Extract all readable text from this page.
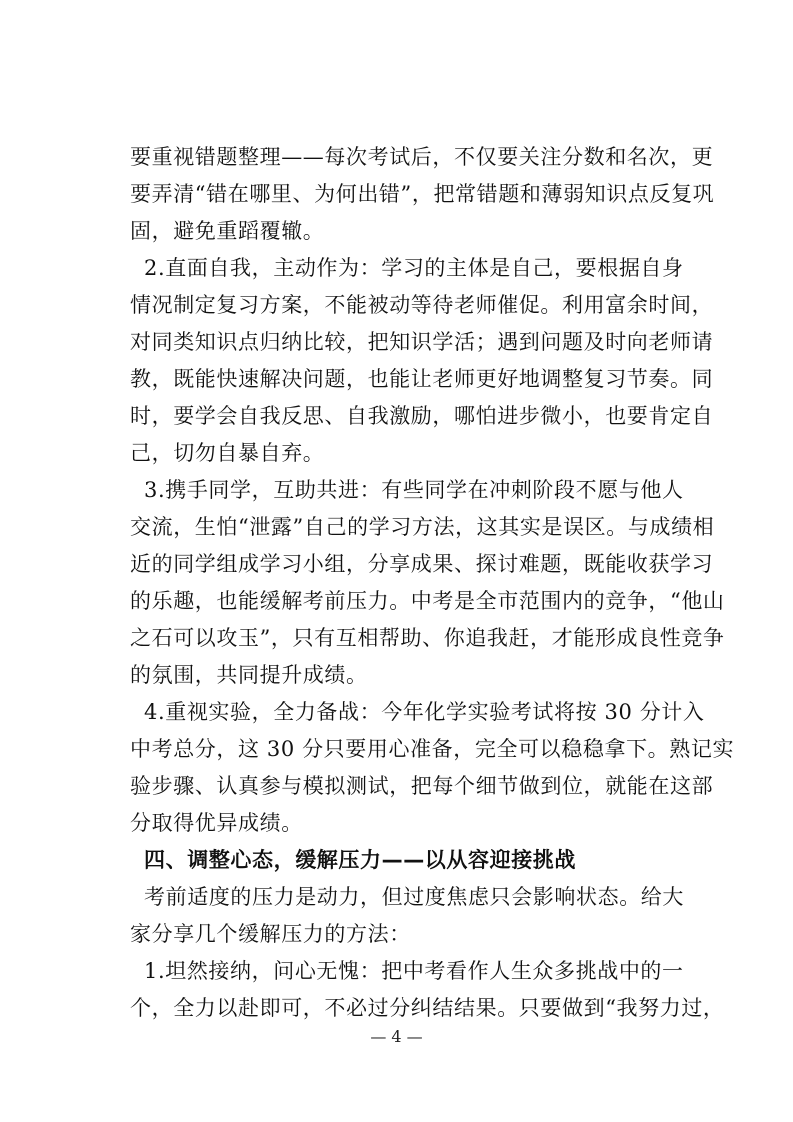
要重视错题整理——每次考试后，不仅要关注分数和名次，更
要弄清“错在哪里、为何出错”，把常错题和薄弱知识点反复巩
固，避免重蹈覆辙。
2.直面自我，主动作为：学习的主体是自己，要根据自身
情况制定复习方案，不能被动等待老师催促。利用富余时间，
对同类知识点归纳比较，把知识学活；遇到问题及时向老师请
教，既能快速解决问题，也能让老师更好地调整复习节奏。同
时，要学会自我反思、自我激励，哪怕进步微小，也要肯定自
己，切勿自暴自弃。
3.携手同学，互助共进：有些同学在冲刺阶段不愿与他人
交流，生怕“泄露”自己的学习方法，这其实是误区。与成绩相
近的同学组成学习小组，分享成果、探讨难题，既能收获学习
的乐趣，也能缓解考前压力。中考是全市范围内的竞争，“他山
之石可以攻玉”，只有互相帮助、你追我赶，才能形成良性竞争
的氛围，共同提升成绩。
4.重视实验，全力备战：今年化学实验考试将按 30 分计入
中考总分，这 30 分只要用心准备，完全可以稳稳拿下。熟记实
验步骤、认真参与模拟测试，把每个细节做到位，就能在这部
分取得优异成绩。
四、调整心态，缓解压力——以从容迎接挑战
考前适度的压力是动力，但过度焦虑只会影响状态。给大
家分享几个缓解压力的方法：
1.坦然接纳，问心无愧：把中考看作人生众多挑战中的一
个，全力以赴即可，不必过分纠结结果。只要做到“我努力过，
— 4 —
